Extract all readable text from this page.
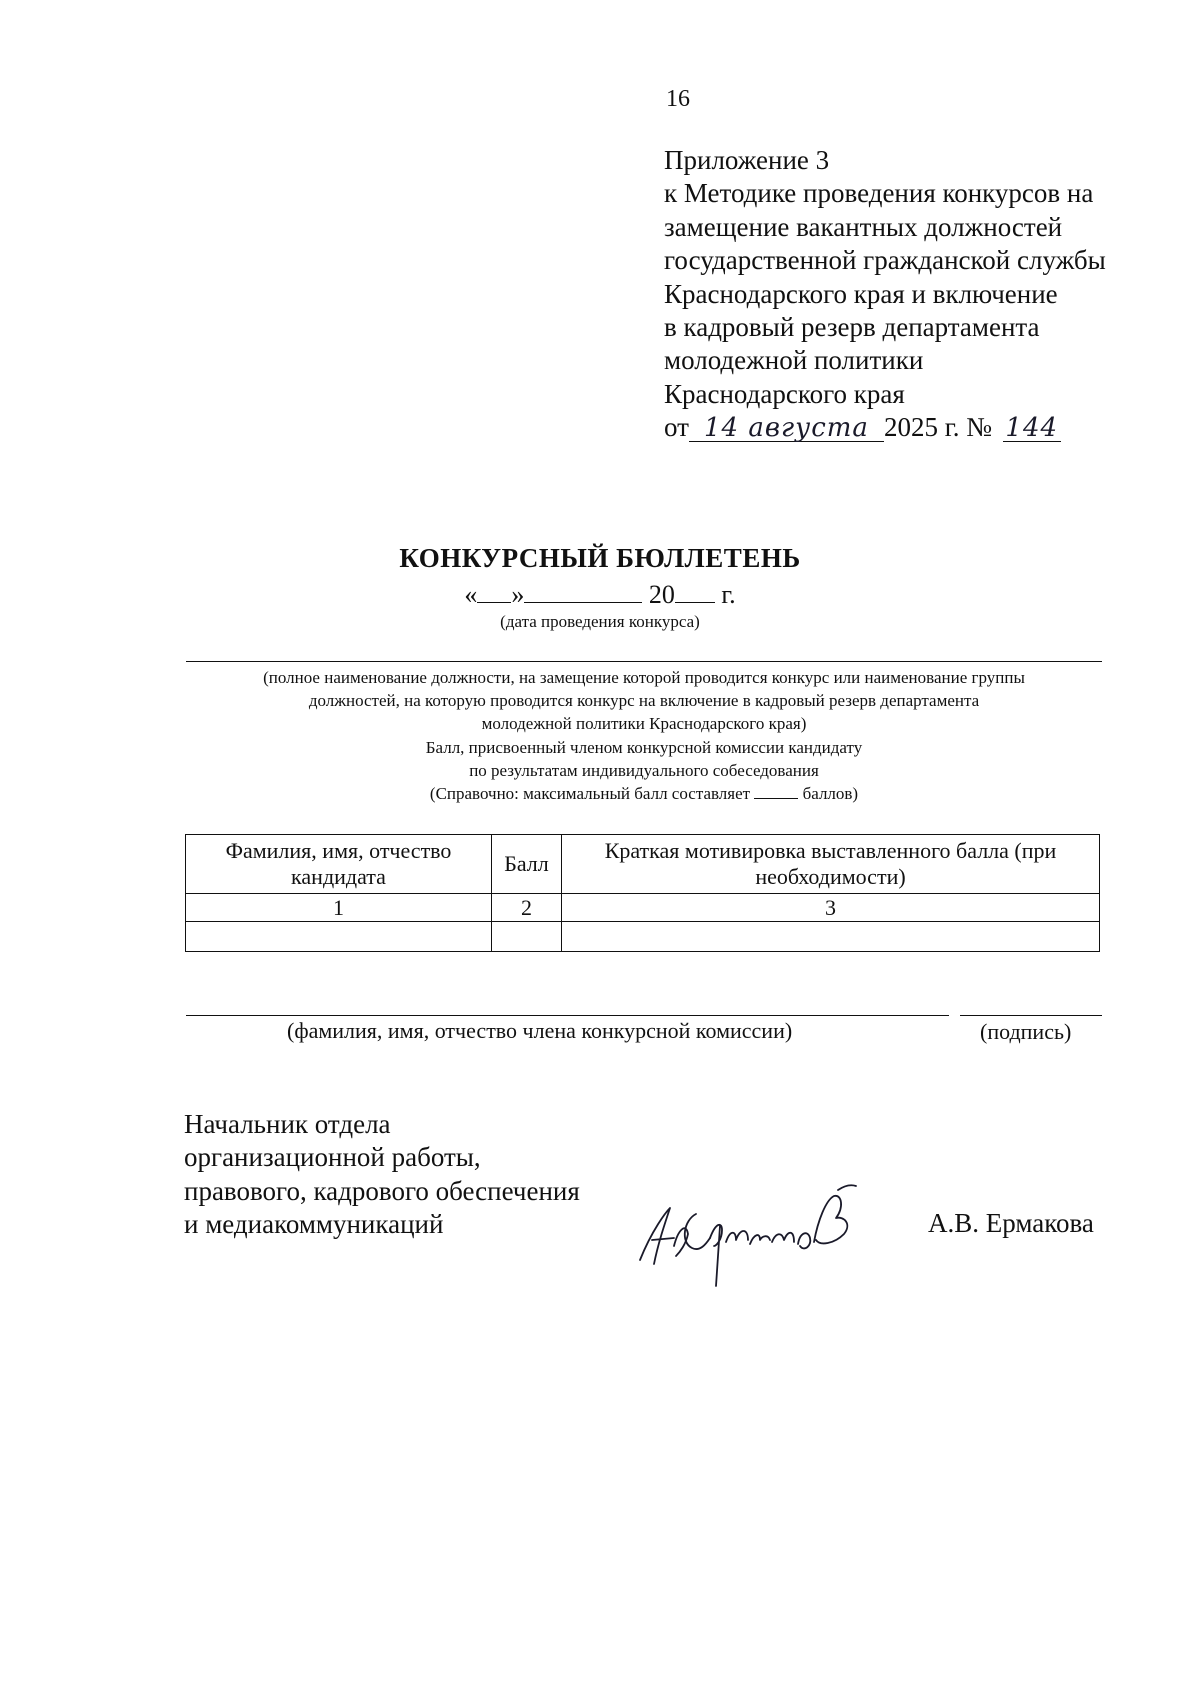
16
Приложение 3
к Методике проведения конкурсов на
замещение вакантных должностей
государственной гражданской службы
Краснодарского края и включение
в кадровый резерв департамента
молодежной политики
Краснодарского края
от 14 августа 2025 г. № 144
КОНКУРСНЫЙ БЮЛЛЕТЕНЬ
« »	20 г.
(дата проведения конкурса)
(полное наименование должности, на замещение которой проводится конкурс или наименование группы
должностей, на которую проводится конкурс на включение в кадровый резерв департамента
молодежной политики Краснодарского края)
Балл, присвоенный членом конкурсной комиссии кандидату
по результатам индивидуального собеседования
(Справочно: максимальный балл составляет	баллов)
Фамилия, имя, отчество кандидата	Балл	Краткая мотивировка выставленного балла (при необходимости)
1	2	3

(фамилия, имя, отчество члена конкурсной комиссии)	(подпись)
Начальник отдела
организационной работы,
правового, кадрового обеспечения
и медиакоммуникаций	А.В. Ермакова
